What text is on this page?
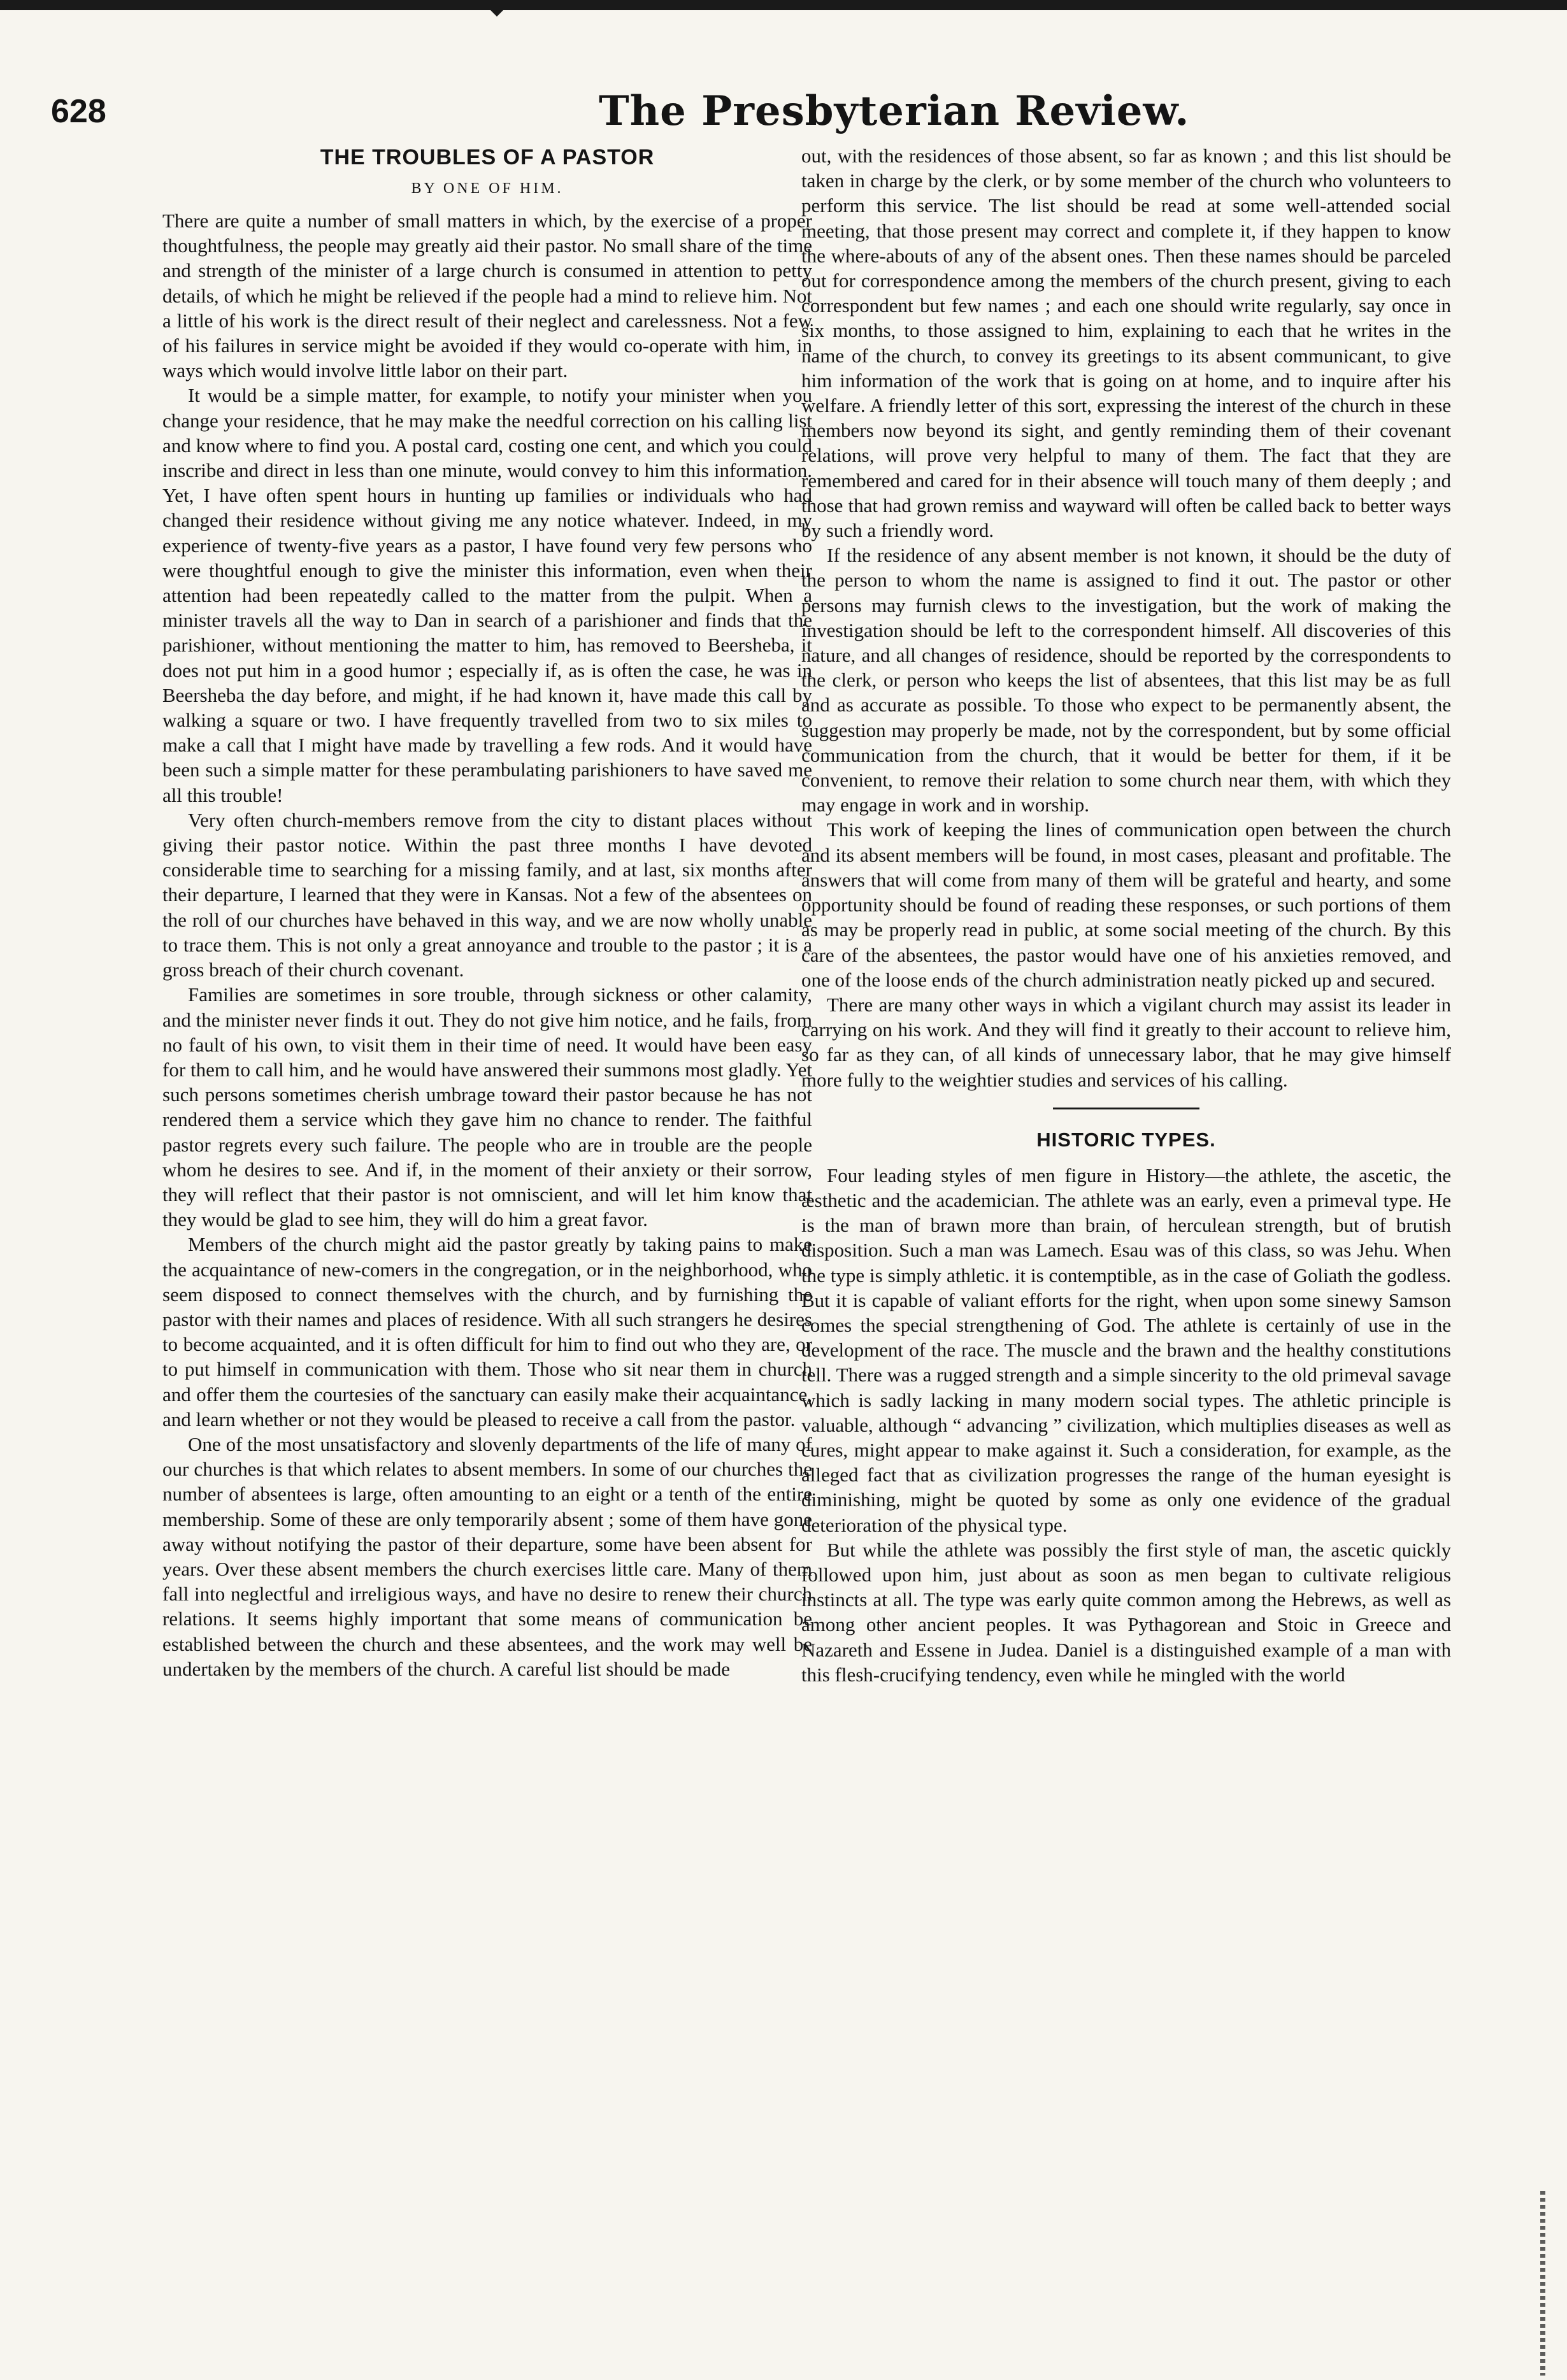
628	The Presbyterian Review.
THE TROUBLES OF A PASTOR
BY ONE OF HIM.

There are quite a number of small matters in which, by the exercise of a proper thoughtfulness, the people may greatly aid their pastor. No small share of the time and strength of the minister of a large church is consumed in attention to petty details, of which he might be relieved if the people had a mind to relieve him. Not a little of his work is the direct result of their neglect and carelessness. Not a few of his failures in service might be avoided if they would co-operate with him, in ways which would involve little labor on their part.

It would be a simple matter, for example, to notify your minister when you change your residence, that he may make the needful correction on his calling list and know where to find you. A postal card, costing one cent, and which you could inscribe and direct in less than one minute, would convey to him this information. Yet, I have often spent hours in hunting up families or individuals who had changed their residence without giving me any notice whatever. Indeed, in my experience of twenty-five years as a pastor, I have found very few persons who were thoughtful enough to give the minister this information, even when their attention had been repeatedly called to the matter from the pulpit. When a minister travels all the way to Dan in search of a parishioner and finds that the parishioner, without mentioning the matter to him, has removed to Beersheba, it does not put him in a good humor ; especially if, as is often the case, he was in Beersheba the day before, and might, if he had known it, have made this call by walking a square or two. I have frequently travelled from two to six miles to make a call that I might have made by travelling a few rods. And it would have been such a simple matter for these perambulating parishioners to have saved me all this trouble!

Very often church-members remove from the city to distant places without giving their pastor notice. Within the past three months I have devoted considerable time to searching for a missing family, and at last, six months after their departure, I learned that they were in Kansas. Not a few of the absentees on the roll of our churches have behaved in this way, and we are now wholly unable to trace them. This is not only a great annoyance and trouble to the pastor ; it is a gross breach of their church covenant.

Families are sometimes in sore trouble, through sickness or other calamity, and the minister never finds it out. They do not give him notice, and he fails, from no fault of his own, to visit them in their time of need. It would have been easy for them to call him, and he would have answered their summons most gladly. Yet such persons sometimes cherish umbrage toward their pastor because he has not rendered them a service which they gave him no chance to render. The faithful pastor regrets every such failure. The people who are in trouble are the people whom he desires to see. And if, in the moment of their anxiety or their sorrow, they will reflect that their pastor is not omniscient, and will let him know that they would be glad to see him, they will do him a great favor.

Members of the church might aid the pastor greatly by taking pains to make the acquaintance of new-comers in the congregation, or in the neighborhood, who seem disposed to connect themselves with the church, and by furnishing the pastor with their names and places of residence. With all such strangers he desires to become acquainted, and it is often difficult for him to find out who they are, or to put himself in communication with them. Those who sit near them in church and offer them the courtesies of the sanctuary can easily make their acquaintance, and learn whether or not they would be pleased to receive a call from the pastor.

One of the most unsatisfactory and slovenly departments of the life of many of our churches is that which relates to absent members. In some of our churches the number of absentees is large, often amounting to an eight or a tenth of the entire membership. Some of these are only temporarily absent ; some of them have gone away without notifying the pastor of their departure, some have been absent for years. Over these absent members the church exercises little care. Many of them fall into neglectful and irreligious ways, and have no desire to renew their church relations. It seems highly important that some means of communication be established between the church and these absentees, and the work may well be undertaken by the members of the church. A careful list should be made

out, with the residences of those absent, so far as known ; and this list should be taken in charge by the clerk, or by some member of the church who volunteers to perform this service. The list should be read at some well-attended social meeting, that those present may correct and complete it, if they happen to know the where-abouts of any of the absent ones. Then these names should be parceled out for correspondence among the members of the church present, giving to each correspondent but few names ; and each one should write regularly, say once in six months, to those assigned to him, explaining to each that he writes in the name of the church, to convey its greetings to its absent communicant, to give him information of the work that is going on at home, and to inquire after his welfare. A friendly letter of this sort, expressing the interest of the church in these members now beyond its sight, and gently reminding them of their covenant relations, will prove very helpful to many of them. The fact that they are remembered and cared for in their absence will touch many of them deeply ; and those that had grown remiss and wayward will often be called back to better ways by such a friendly word.

If the residence of any absent member is not known, it should be the duty of the person to whom the name is assigned to find it out. The pastor or other persons may furnish clews to the investigation, but the work of making the investigation should be left to the correspondent himself. All discoveries of this nature, and all changes of residence, should be reported by the correspondents to the clerk, or person who keeps the list of absentees, that this list may be as full and as accurate as possible. To those who expect to be permanently absent, the suggestion may properly be made, not by the correspondent, but by some official communication from the church, that it would be better for them, if it be convenient, to remove their relation to some church near them, with which they may engage in work and in worship.

This work of keeping the lines of communication open between the church and its absent members will be found, in most cases, pleasant and profitable. The answers that will come from many of them will be grateful and hearty, and some opportunity should be found of reading these responses, or such portions of them as may be properly read in public, at some social meeting of the church. By this care of the absentees, the pastor would have one of his anxieties removed, and one of the loose ends of the church administration neatly picked up and secured.

There are many other ways in which a vigilant church may assist its leader in carrying on his work. And they will find it greatly to their account to relieve him, so far as they can, of all kinds of unnecessary labor, that he may give himself more fully to the weightier studies and services of his calling.

HISTORIC TYPES.

Four leading styles of men figure in History—the athlete, the ascetic, the æsthetic and the academician. The athlete was an early, even a primeval type. He is the man of brawn more than brain, of herculean strength, but of brutish disposition. Such a man was Lamech. Esau was of this class, so was Jehu. When the type is simply athletic. it is contemptible, as in the case of Goliath the godless. But it is capable of valiant efforts for the right, when upon some sinewy Samson comes the special strengthening of God. The athlete is certainly of use in the development of the race. The muscle and the brawn and the healthy constitutions tell. There was a rugged strength and a simple sincerity to the old primeval savage which is sadly lacking in many modern social types. The athletic principle is valuable, although “ advancing ” civilization, which multiplies diseases as well as cures, might appear to make against it. Such a consideration, for example, as the alleged fact that as civilization progresses the range of the human eyesight is diminishing, might be quoted by some as only one evidence of the gradual deterioration of the physical type.

But while the athlete was possibly the first style of man, the ascetic quickly followed upon him, just about as soon as men began to cultivate religious instincts at all. The type was early quite common among the Hebrews, as well as among other ancient peoples. It was Pythagorean and Stoic in Greece and Nazareth and Essene in Judea. Daniel is a distinguished example of a man with this flesh-crucifying tendency, even while he mingled with the world
